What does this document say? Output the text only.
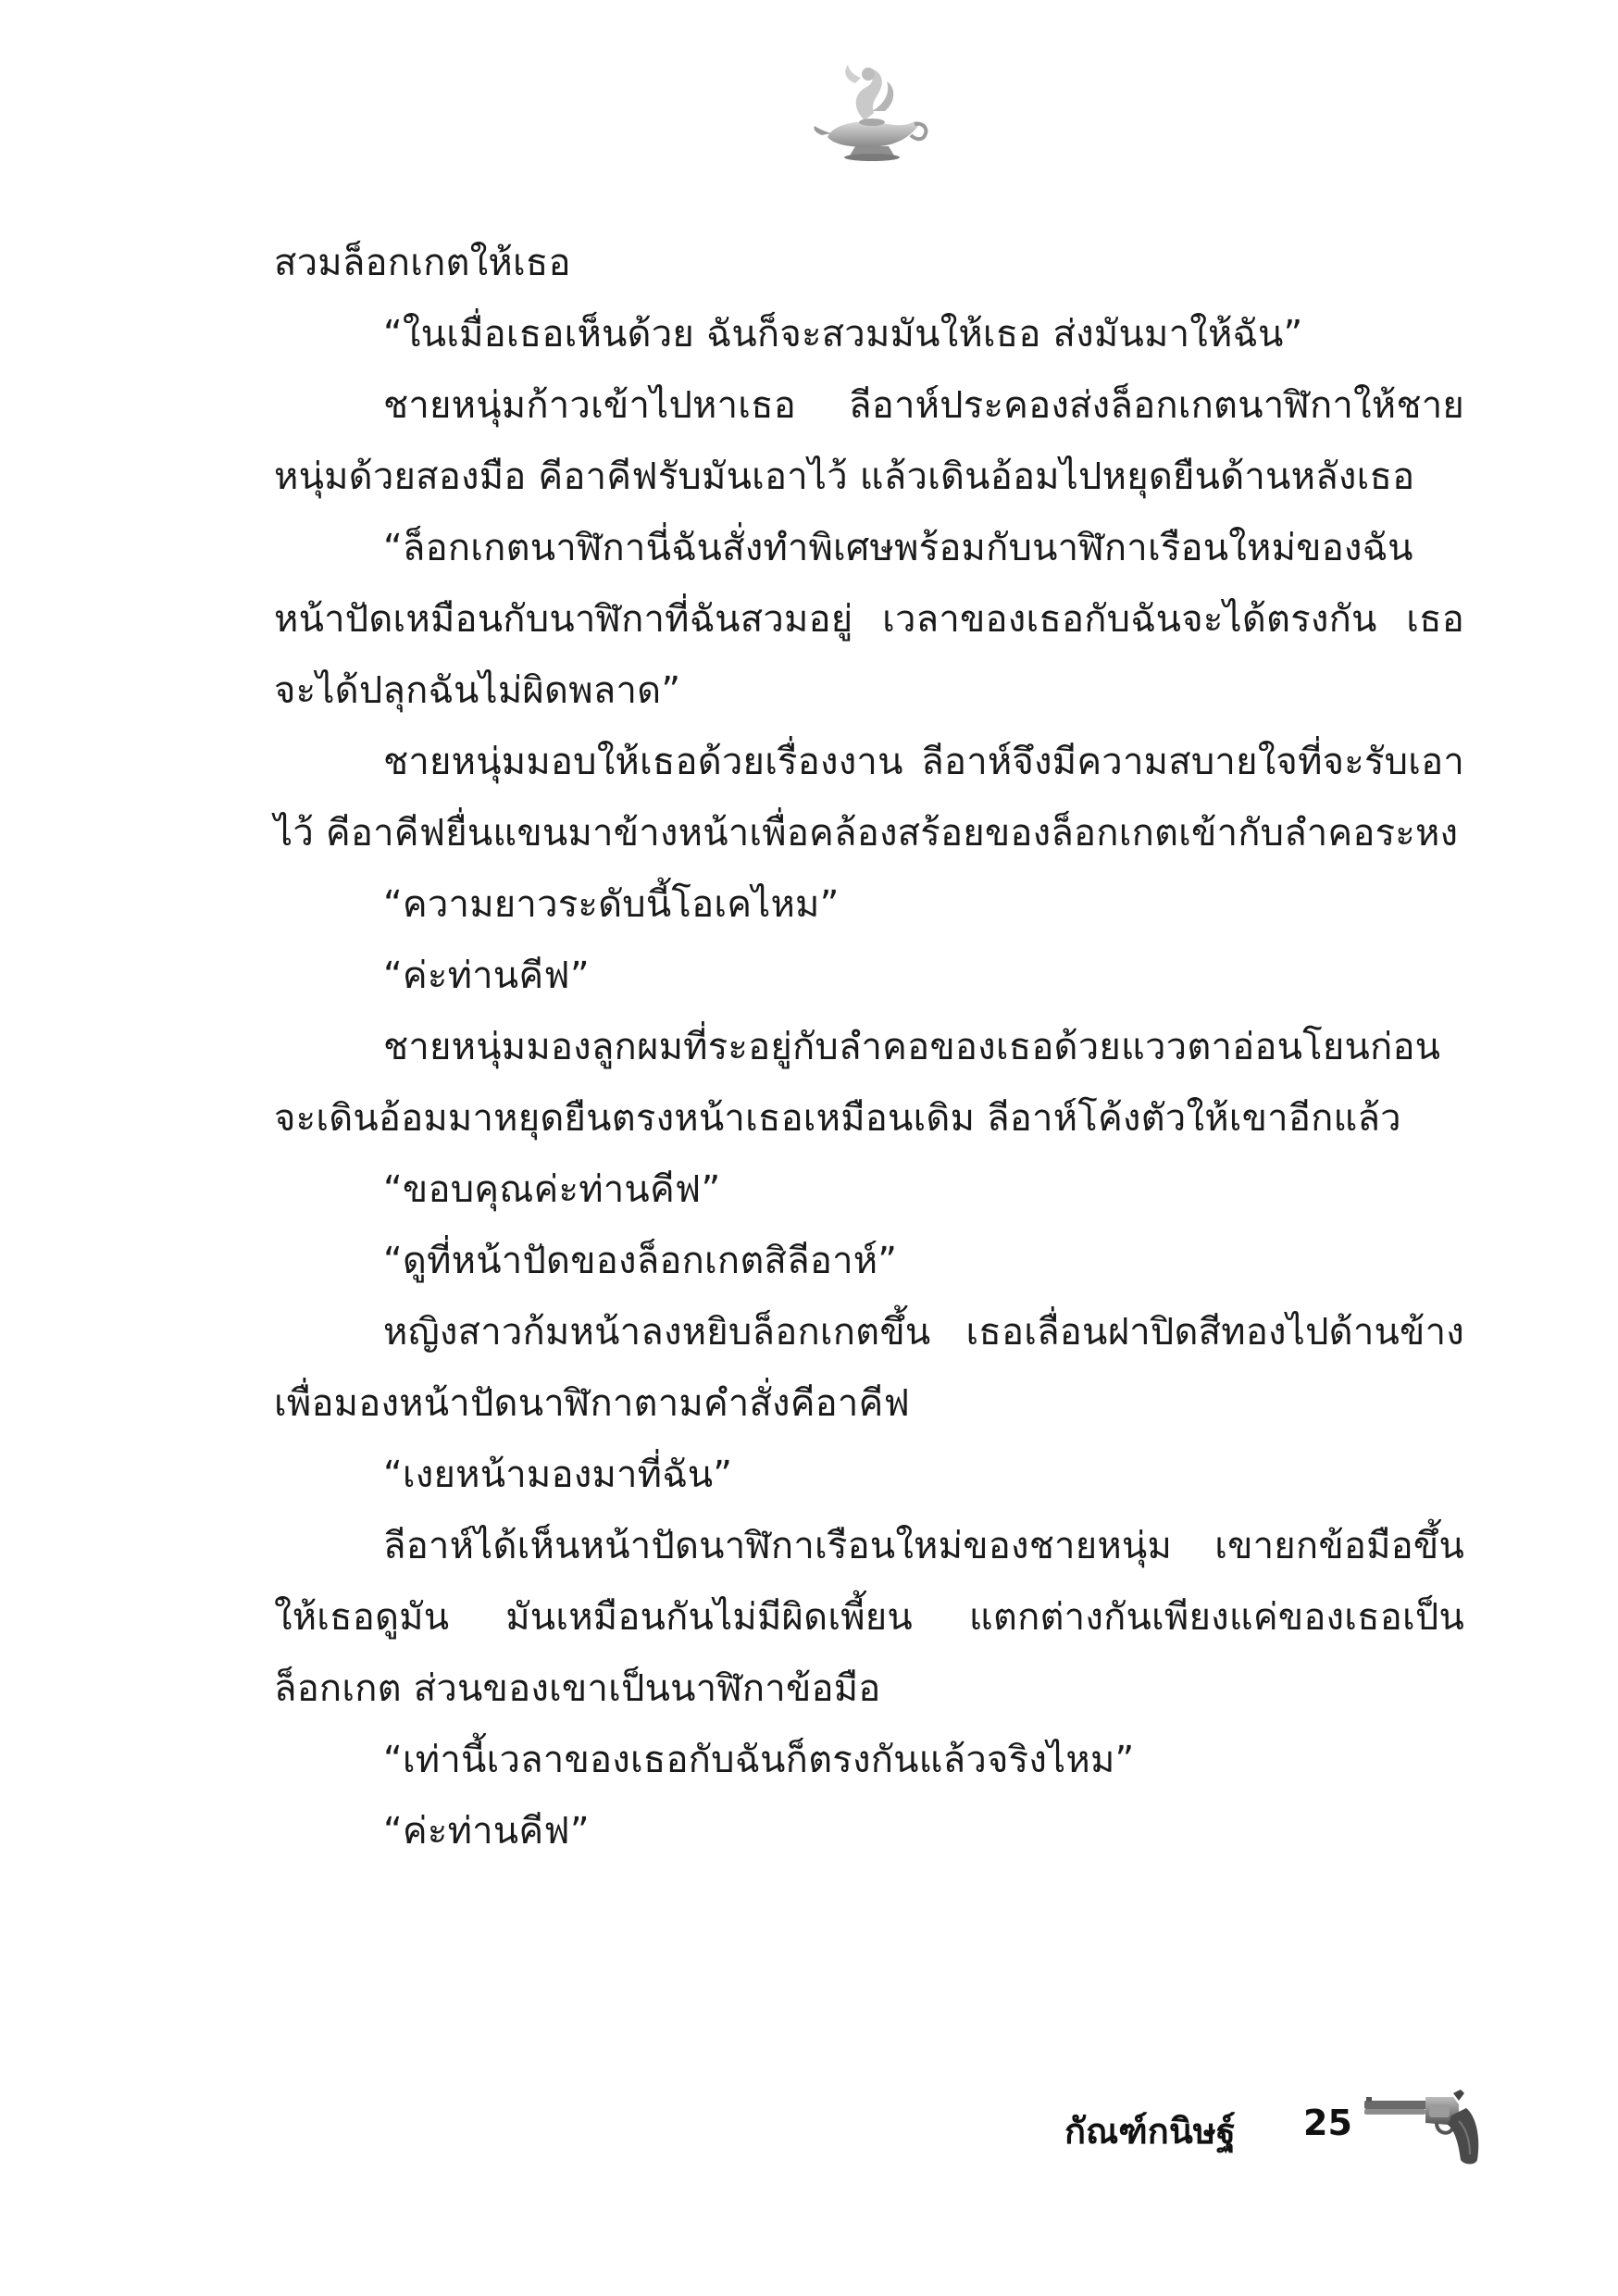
สวมล็อกเกตให้เธอ

“ในเมื่อเธอเห็นด้วย ฉันก็จะสวมมันให้เธอ ส่งมันมาให้ฉัน”

ชายหนุ่มก้าวเข้าไปหาเธอ ลีอาห์ประคองส่งล็อกเกตนาฬิกาให้ชายหนุ่มด้วยสองมือ คีอาคีฟรับมันเอาไว้ แล้วเดินอ้อมไปหยุดยืนด้านหลังเธอ

“ล็อกเกตนาฬิกานี่ฉันสั่งทำพิเศษพร้อมกับนาฬิกาเรือนใหม่ของฉัน หน้าปัดเหมือนกับนาฬิกาที่ฉันสวมอยู่ เวลาของเธอกับฉันจะได้ตรงกัน เธอจะได้ปลุกฉันไม่ผิดพลาด”

ชายหนุ่มมอบให้เธอด้วยเรื่องงาน ลีอาห์จึงมีความสบายใจที่จะรับเอาไว้ คีอาคีฟยื่นแขนมาข้างหน้าเพื่อคล้องสร้อยของล็อกเกตเข้ากับลำคอระหง

“ความยาวระดับนี้โอเคไหม”

“ค่ะท่านคีฟ”

ชายหนุ่มมองลูกผมที่ระอยู่กับลำคอของเธอด้วยแววตาอ่อนโยนก่อนจะเดินอ้อมมาหยุดยืนตรงหน้าเธอเหมือนเดิม ลีอาห์โค้งตัวให้เขาอีกแล้ว

“ขอบคุณค่ะท่านคีฟ”

“ดูที่หน้าปัดของล็อกเกตสิลีอาห์”

หญิงสาวก้มหน้าลงหยิบล็อกเกตขึ้น เธอเลื่อนฝาปิดสีทองไปด้านข้างเพื่อมองหน้าปัดนาฬิกาตามคำสั่งคีอาคีฟ

“เงยหน้ามองมาที่ฉัน”

ลีอาห์ได้เห็นหน้าปัดนาฬิกาเรือนใหม่ของชายหนุ่ม เขายกข้อมือขึ้นให้เธอดูมัน มันเหมือนกันไม่มีผิดเพี้ยน แตกต่างกันเพียงแค่ของเธอเป็นล็อกเกต ส่วนของเขาเป็นนาฬิกาข้อมือ

“เท่านี้เวลาของเธอกับฉันก็ตรงกันแล้วจริงไหม”

“ค่ะท่านคีฟ”

กัณฑ์กนิษฐ์ 25
